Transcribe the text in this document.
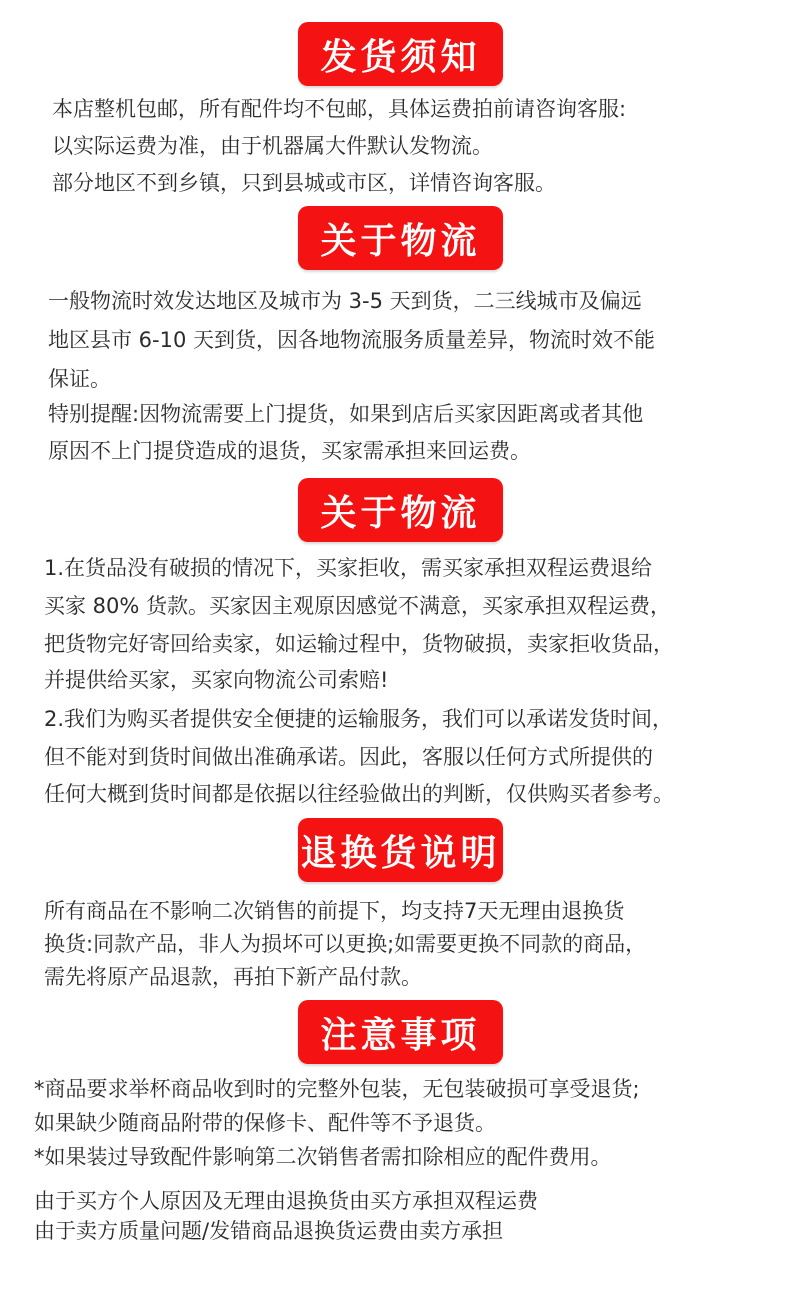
发货须知
本店整机包邮，所有配件均不包邮，具体运费拍前请咨询客服:
以实际运费为准，由于机器属大件默认发物流。
部分地区不到乡镇，只到县城或市区，详情咨询客服。
关于物流
一般物流时效发达地区及城市为 3-5 天到货，二三线城市及偏远
地区县市 6-10 天到货，因各地物流服务质量差异，物流时效不能
保证。
特别提醒:因物流需要上门提货，如果到店后买家因距离或者其他
原因不上门提贷造成的退货，买家需承担来回运费。
关于物流
1.在货品没有破损的情况下，买家拒收，需买家承担双程运费退给
买家 80% 货款。买家因主观原因感觉不满意，买家承担双程运费，
把货物完好寄回给卖家，如运输过程中，货物破损，卖家拒收货品，
并提供给买家，买家向物流公司索赔!
2.我们为购买者提供安全便捷的运输服务，我们可以承诺发货时间，
但不能对到货时间做出准确承诺。因此，客服以任何方式所提供的
任何大概到货时间都是依据以往经验做出的判断，仅供购买者参考。
退换货说明
所有商品在不影响二次销售的前提下，均支持7天无理由退换货
换货:同款产品，非人为损坏可以更换;如需要更换不同款的商品，
需先将原产品退款，再拍下新产品付款。
注意事项
*商品要求举杯商品收到时的完整外包装，无包装破损可享受退货;
如果缺少随商品附带的保修卡、配件等不予退货。
*如果装过导致配件影响第二次销售者需扣除相应的配件费用。
由于买方个人原因及无理由退换货由买方承担双程运费
由于卖方质量问题/发错商品退换货运费由卖方承担
